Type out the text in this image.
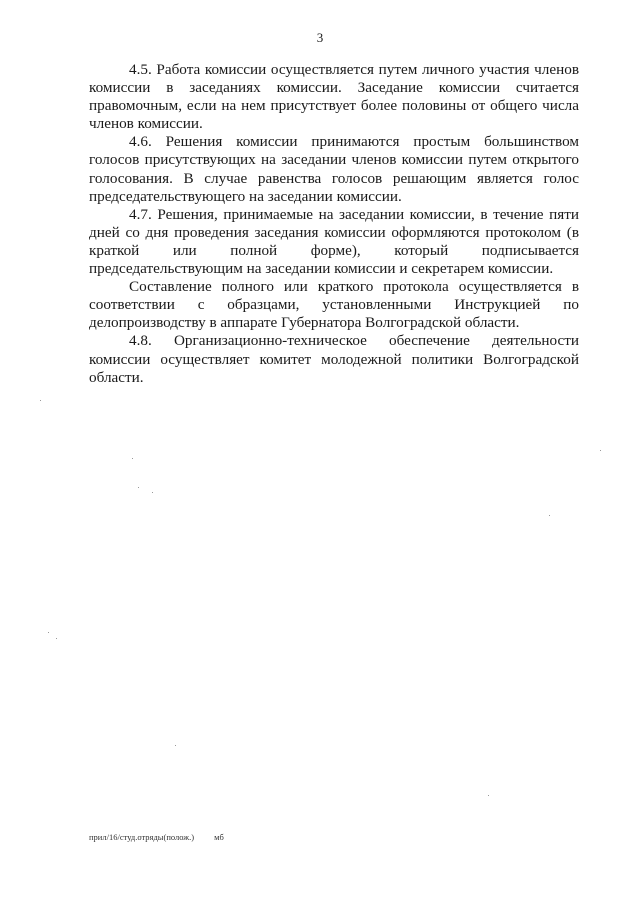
3

4.5. Работа комиссии осуществляется путем личного участия членов комиссии в заседаниях комиссии. Заседание комиссии считается правомочным, если на нем присутствует более половины от общего числа членов комиссии.

4.6. Решения комиссии принимаются простым большинством голосов присутствующих на заседании членов комиссии путем открытого голосования. В случае равенства голосов решающим является голос председательствующего на заседании комиссии.

4.7. Решения, принимаемые на заседании комиссии, в течение пяти дней со дня проведения заседания комиссии оформляются протоколом (в краткой или полной форме), который подписывается председательствующим на заседании комиссии и секретарем комиссии.

Составление полного или краткого протокола осуществляется в соответствии с образцами, установленными Инструкцией по делопроизводству в аппарате Губернатора Волгоградской области.

4.8. Организационно-техническое обеспечение деятельности комиссии осуществляет комитет молодежной политики Волгоградской области.

прил/16/студ.отряды(полож.) мб
